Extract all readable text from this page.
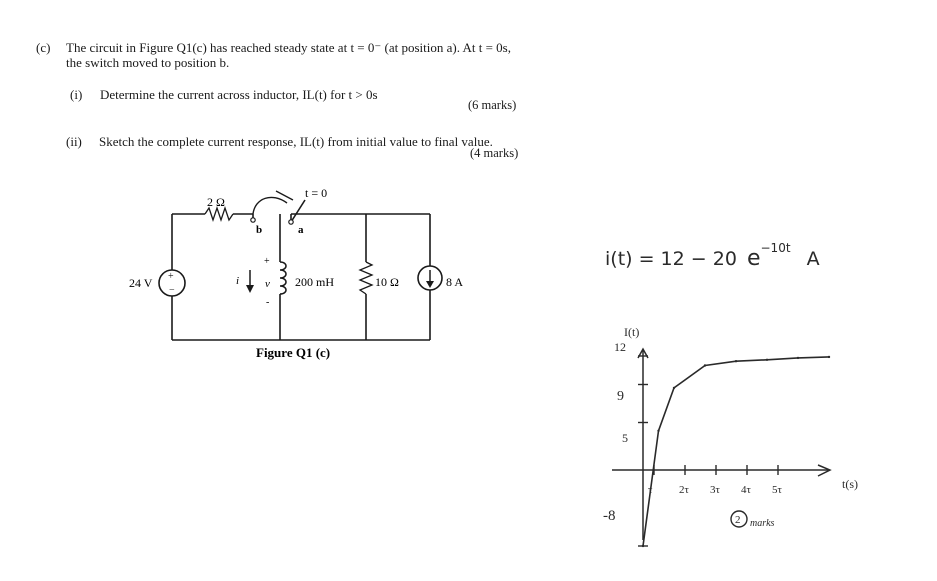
(c) The circuit in Figure Q1(c) has reached steady state at t = 0⁻ (at position a). At t = 0s,
the switch moved to position b.
(i) Determine the current across inductor, IL(t) for t > 0s
(6 marks)
(ii) Sketch the complete current response, IL(t) from initial value to final value.
(4 marks)
+
−
2 Ω
t = 0
b	a
24 V	i
+
v
-
200 mH	10 Ω	8 A
Figure Q1 (c)
i(t) = 12 − 20 $e^{-10t}$ A
I(t)
12
9
5
-8
τ 2τ 3τ 4τ 5τ	t(s)
2 marks
